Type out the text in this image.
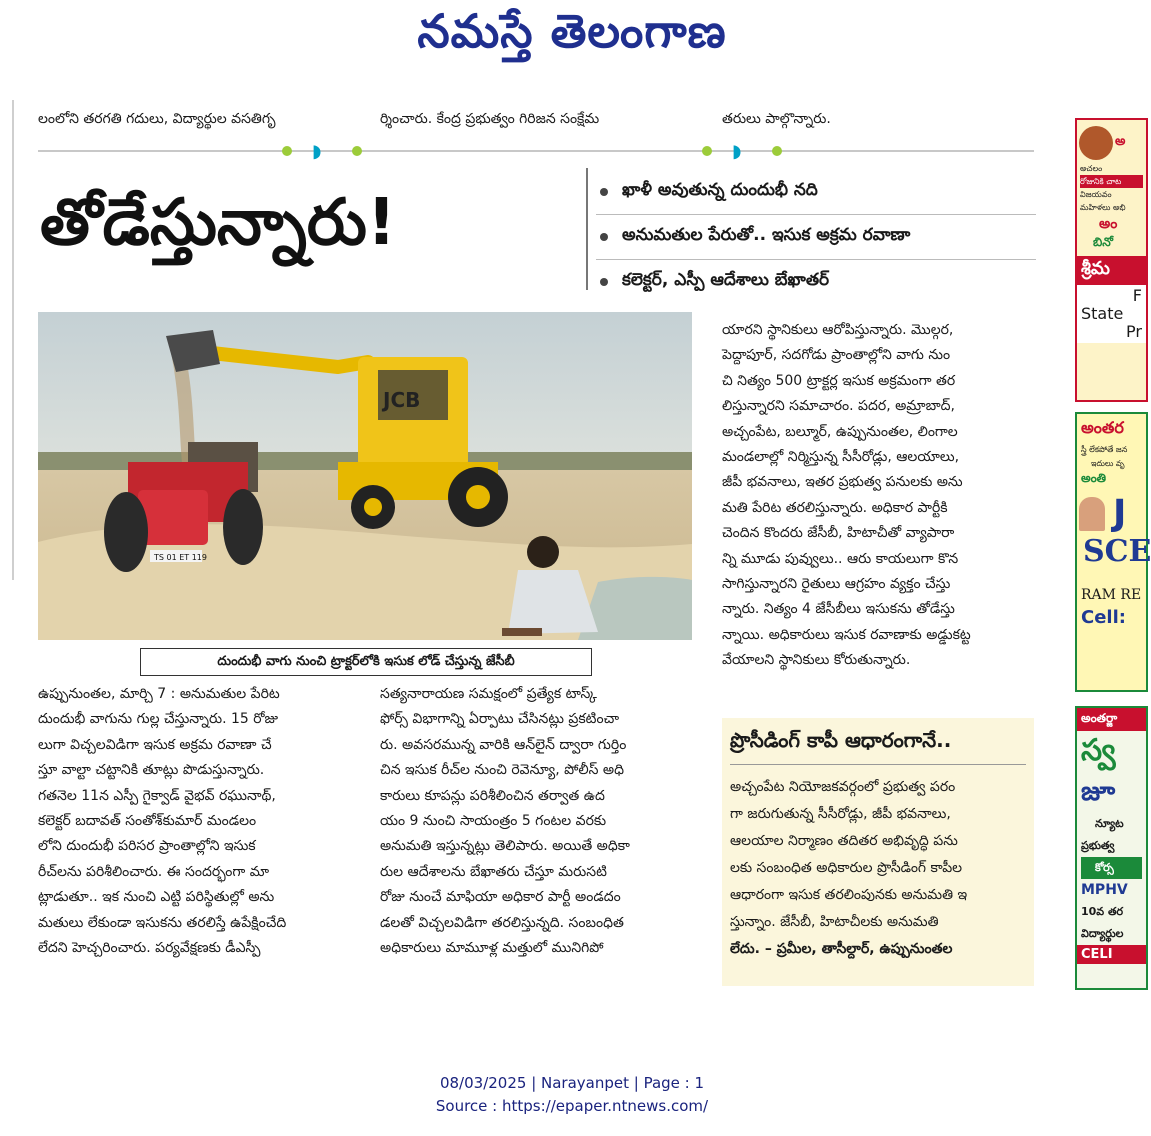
నమస్తే తెలంగాణ
లంలోని తరగతి గదులు, విద్యార్థుల వసతిగృ	ర్శించారు. కేంద్ర ప్రభుత్వం గిరిజన సంక్షేమ	తరులు పాల్గొన్నారు.
◗	◗
తోడేస్తున్నారు!	ఖాళీ అవుతున్న దుందుభీ నది
అనుమతుల పేరుతో.. ఇసుక అక్రమ రవాణా
కలెక్టర్, ఎస్పీ ఆదేశాలు బేఖాతర్
JCB
TS 01 ET 119
దుందుభీ వాగు నుంచి ట్రాక్టర్‌లోకి ఇసుక లోడ్ చేస్తున్న జేసీబీ
ఉప్పునుంతల, మార్చి 7 : అనుమతుల పేరిట
దుందుభీ వాగును గుల్ల చేస్తున్నారు. 15 రోజు
లుగా విచ్చలవిడిగా ఇసుక అక్రమ రవాణా చే
స్తూ వాల్టా చట్టానికి తూట్లు పొడుస్తున్నారు.
గతనెల 11న ఎస్పీ గైక్వాడ్ వైభవ్ రఘునాథ్,
కలెక్టర్ బదావత్ సంతోశ్‌కుమార్ మండలం
లోని దుందుభీ పరిసర ప్రాంతాల్లోని ఇసుక
రీచ్‌లను పరిశీలించారు. ఈ సందర్భంగా మా
ట్లాడుతూ.. ఇక నుంచి ఎట్టి పరిస్థితుల్లో అను
మతులు లేకుండా ఇసుకను తరలిస్తే ఉపేక్షించేది
లేదని హెచ్చరించారు. పర్యవేక్షణకు డీఎస్పీ
సత్యనారాయణ సమక్షంలో ప్రత్యేక టాస్క్
ఫోర్స్ విభాగాన్ని ఏర్పాటు చేసినట్లు ప్రకటించా
రు. అవసరమున్న వారికి ఆన్‌లైన్ ద్వారా గుర్తిం
చిన ఇసుక రీచ్‌ల నుంచి రెవెన్యూ, పోలీస్ అధి
కారులు కూపన్లు పరిశీలించిన తర్వాత ఉద
యం 9 నుంచి సాయంత్రం 5 గంటల వరకు
అనుమతి ఇస్తున్నట్లు తెలిపారు. అయితే అధికా
రుల ఆదేశాలను బేఖాతరు చేస్తూ మరుసటి
రోజు నుంచే మాఫియా అధికార పార్టీ అండదం
డలతో విచ్చలవిడిగా తరలిస్తున్నది. సంబంధిత
అధికారులు మామూళ్ల మత్తులో మునిగిపో
యారని స్థానికులు ఆరోపిస్తున్నారు. మొల్గర,
పెద్దాపూర్, సదగోడు ప్రాంతాల్లోని వాగు నుం
చి నిత్యం 500 ట్రాక్టర్ల ఇసుక అక్రమంగా తర
లిస్తున్నారని సమాచారం. పదర, అమ్రాబాద్,
అచ్చంపేట, బల్మూర్, ఉప్పునుంతల, లింగాల
మండలాల్లో నిర్మిస్తున్న సీసీరోడ్లు, ఆలయాలు,
జీపీ భవనాలు, ఇతర ప్రభుత్వ పనులకు అను
మతి పేరిట తరలిస్తున్నారు. అధికార పార్టీకి
చెందిన కొందరు జేసీబీ, హిటాచీతో వ్యాపారా
న్ని మూడు పువ్వులు.. ఆరు కాయలుగా కొన
సాగిస్తున్నారని రైతులు ఆగ్రహం వ్యక్తం చేస్తు
న్నారు. నిత్యం 4 జేసీబీలు ఇసుకను తోడేస్తు
న్నాయి. అధికారులు ఇసుక రవాణాకు అడ్డుకట్ట
వేయాలని స్థానికులు కోరుతున్నారు.
ప్రొసీడింగ్ కాపీ ఆధారంగానే..
అచ్చంపేట నియోజకవర్గంలో ప్రభుత్వ పరం
గా జరుగుతున్న సీసీరోడ్లు, జీపీ భవనాలు,
ఆలయాల నిర్మాణం తదితర అభివృద్ధి పను
లకు సంబంధిత అధికారుల ప్రొసీడింగ్ కాపీల
ఆధారంగా ఇసుక తరలింపునకు అనుమతి ఇ
స్తున్నాం. జేసీబీ, హిటాచీలకు అనుమతి
లేదు. – ప్రమీల, తాసీల్దార్, ఉప్పునుంతల
అ
అచలం
రోజునికి చాట
విజయవం
మహిళలు అభి
అం
బినో
శ్రీమ
F
State
Pr
అంతర
స్త్రీ లేకపోతే జన
ఇదులు వృ
అంతి
J
SCE
RAM RE
Cell:
అంతర్జా
స్వ
జూ
న్యూట
ప్రభుత్వ
కోర్స
MPHV
10వ తర
విద్యార్థుల
CELI
08/03/2025 | Narayanpet | Page : 1
Source : https://epaper.ntnews.com/
